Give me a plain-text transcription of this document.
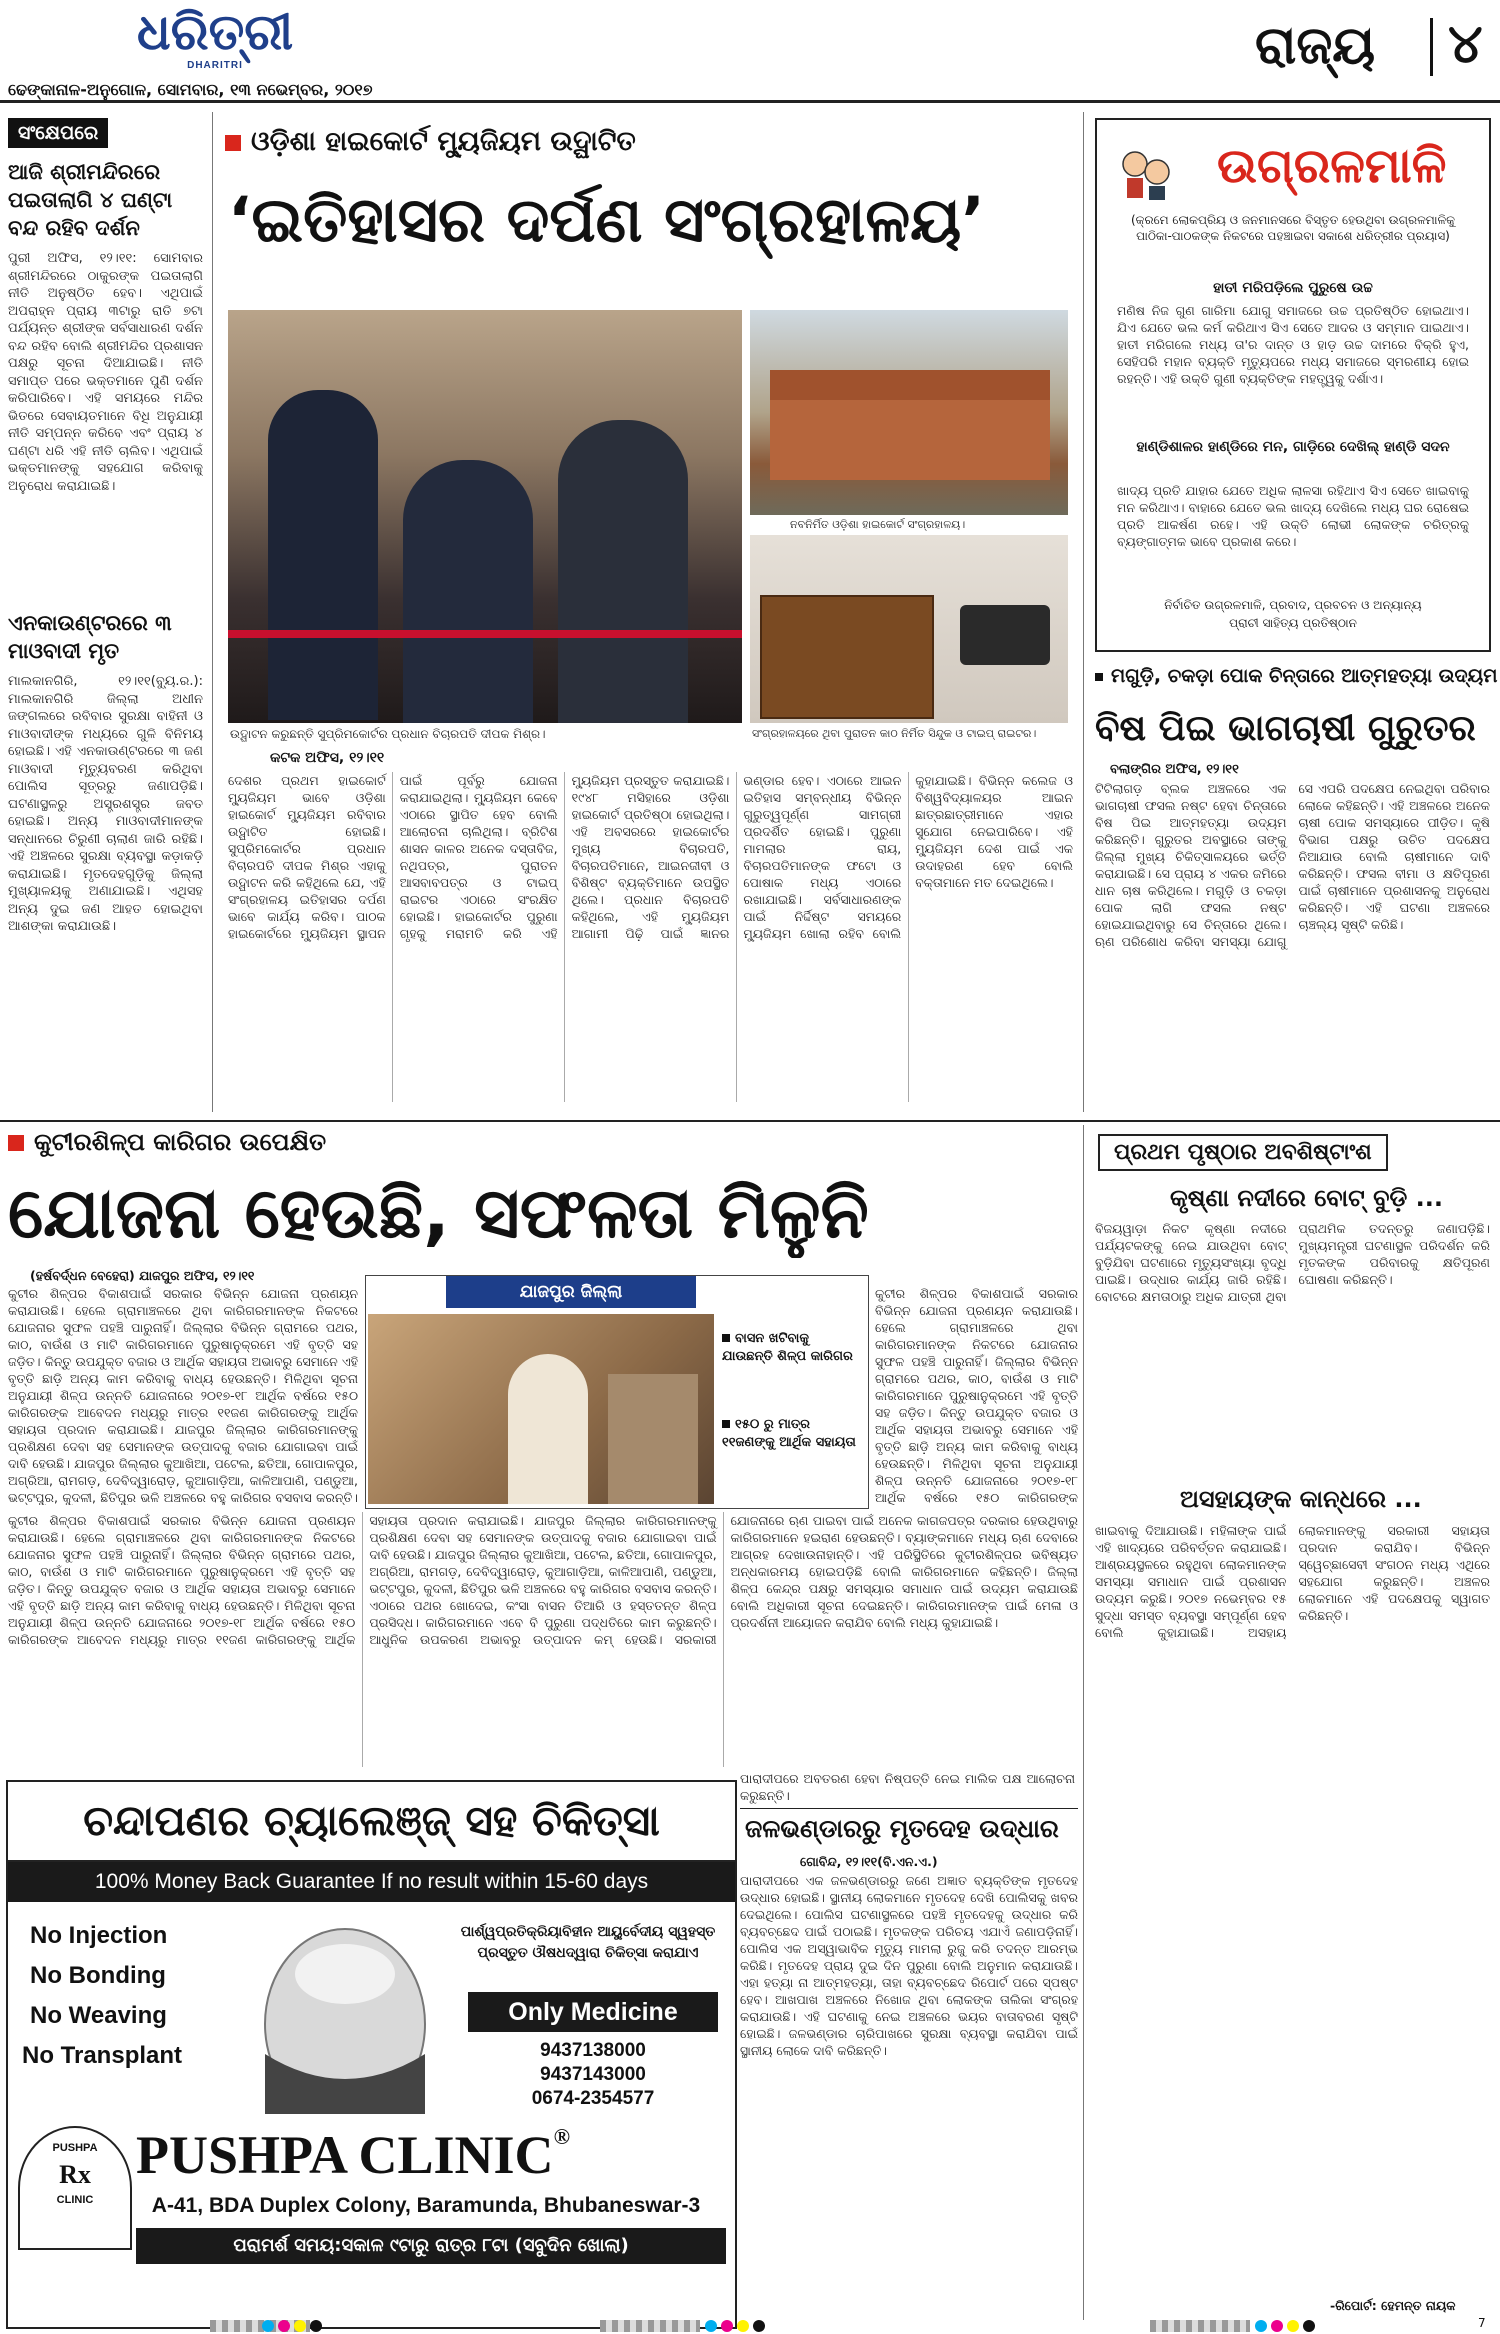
ଧରିତ୍ରୀ
DHARITRI
ଢେଙ୍କାନାଳ-ଅନୁଗୋଳ, ସୋମବାର, ୧୩ ନଭେମ୍ବର, ୨୦୧୭
ରାଜ୍ୟ ୪
ସଂକ୍ଷେପରେ
ଆଜି ଶ୍ରୀମନ୍ଦିରରେ ପଇତାଲାଗି ୪ ଘଣ୍ଟା ବନ୍ଦ ରହିବ ଦର୍ଶନ
ପୁରୀ ଅଫିସ, ୧୨।୧୧: ସୋମବାର ଶ୍ରୀମନ୍ଦିରରେ ଠାକୁରଙ୍କ ପଇତାଲାଗି ନୀତି ଅନୁଷ୍ଠିତ ହେବ। ଏଥିପାଇଁ ଅପରାହ୍ନ ପ୍ରାୟ ୩ଟାରୁ ରାତି ୭ଟା ପର୍ଯ୍ୟନ୍ତ ଶ୍ରୀଙ୍କ ସର୍ବସାଧାରଣ ଦର୍ଶନ ବନ୍ଦ ରହିବ ବୋଲି ଶ୍ରୀମନ୍ଦିର ପ୍ରଶାସନ ପକ୍ଷରୁ ସୂଚନା ଦିଆଯାଇଛି। ନୀତି ସମାପ୍ତ ପରେ ଭକ୍ତମାନେ ପୁଣି ଦର୍ଶନ କରିପାରିବେ। ଏହି ସମୟରେ ମନ୍ଦିର ଭିତରେ ସେବାୟତମାନେ ବିଧି ଅନୁଯାୟୀ ନୀତି ସମ୍ପନ୍ନ କରିବେ ଏବଂ ପ୍ରାୟ ୪ ଘଣ୍ଟା ଧରି ଏହି ନୀତି ଚାଲିବ। ଏଥିପାଇଁ ଭକ୍ତମାନଙ୍କୁ ସହଯୋଗ କରିବାକୁ ଅନୁରୋଧ କରାଯାଇଛି।
ଏନକାଉଣ୍ଟରରେ ୩ ମାଓବାଦୀ ମୃତ
ମାଲକାନଗିରି, ୧୨।୧୧(ବ୍ୟୁ.ର.): ମାଲକାନଗିରି ଜିଲ୍ଲା ଅଧୀନ ଜଙ୍ଗଲରେ ରବିବାର ସୁରକ୍ଷା ବାହିନୀ ଓ ମାଓବାଦୀଙ୍କ ମଧ୍ୟରେ ଗୁଳି ବିନିମୟ ହୋଇଛି। ଏହି ଏନକାଉଣ୍ଟରରେ ୩ ଜଣ ମାଓବାଦୀ ମୃତ୍ୟୁବରଣ କରିଥିବା ପୋଲିସ ସୂତ୍ରରୁ ଜଣାପଡ଼ିଛି। ଘଟଣାସ୍ଥଳରୁ ଅସ୍ତ୍ରଶସ୍ତ୍ର ଜବତ ହୋଇଛି। ଅନ୍ୟ ମାଓବାଦୀମାନଙ୍କ ସନ୍ଧାନରେ ଚିରୁଣୀ ଚାଲାଣ ଜାରି ରହିଛି। ଏହି ଅଞ୍ଚଳରେ ସୁରକ୍ଷା ବ୍ୟବସ୍ଥା କଡ଼ାକଡ଼ି କରାଯାଇଛି। ମୃତଦେହଗୁଡ଼ିକୁ ଜିଲ୍ଲା ମୁଖ୍ୟାଳୟକୁ ଅଣାଯାଇଛି। ଏଥିସହ ଅନ୍ୟ ଦୁଇ ଜଣ ଆହତ ହୋଇଥିବା ଆଶଙ୍କା କରାଯାଉଛି।
ଓଡ଼ିଶା ହାଇକୋର୍ଟ ମ୍ୟୁଜିୟମ ଉଦ୍ଘାଟିତ
‘ଇତିହାସର ଦର୍ପଣ ସଂଗ୍ରହାଳୟ’
ଉଦ୍ଘାଟନ କରୁଛନ୍ତି ସୁପ୍ରିମକୋର୍ଟର ପ୍ରଧାନ ବିଚାରପତି ଦୀପକ ମିଶ୍ର।
ନବନିର୍ମିତ ଓଡ଼ିଶା ହାଇକୋର୍ଟ ସଂଗ୍ରହାଳୟ।
ସଂଗ୍ରହାଳୟରେ ଥିବା ପୁରାତନ କାଠ ନିର୍ମିତ ସିନ୍ଦୁକ ଓ ଟାଇପ୍ ରାଇଟର।
କଟକ ଅଫିସ, ୧୨।୧୧
ଦେଶର ପ୍ରଥମ ହାଇକୋର୍ଟ ମ୍ୟୁଜିୟମ ଭାବେ ଓଡ଼ିଶା ହାଇକୋର୍ଟ ମ୍ୟୁଜିୟମ ରବିବାର ଉଦ୍ଘାଟିତ ହୋଇଛି। ସୁପ୍ରିମକୋର୍ଟର ପ୍ରଧାନ ବିଚାରପତି ଦୀପକ ମିଶ୍ର ଏହାକୁ ଉଦ୍ଘାଟନ କରି କହିଥିଲେ ଯେ, ଏହି ସଂଗ୍ରହାଳୟ ଇତିହାସର ଦର୍ପଣ ଭାବେ କାର୍ଯ୍ୟ କରିବ। ପାଠକ ହାଇକୋର୍ଟରେ ମ୍ୟୁଜିୟମ ସ୍ଥାପନ ପାଇଁ ପୂର୍ବରୁ ଯୋଜନା କରାଯାଇଥିଲା। ମ୍ୟୁଜିୟମ କେବେ ଏଠାରେ ସ୍ଥାପିତ ହେବ ବୋଲି ଆଲୋଚନା ଚାଲିଥିଲା। ବ୍ରିଟିଶ ଶାସନ କାଳର ଅନେକ ଦସ୍ତାବିଜ, ନଥିପତ୍ର, ପୁରାତନ ଆସବାବପତ୍ର ଓ ଟାଇପ୍ ରାଇଟର ଏଠାରେ ସଂରକ୍ଷିତ ହୋଇଛି। ହାଇକୋର୍ଟର ପୁରୁଣା ଗୃହକୁ ମରାମତି କରି ଏହି ମ୍ୟୁଜିୟମ ପ୍ରସ୍ତୁତ କରାଯାଇଛି। ୧୯୪୮ ମସିହାରେ ଓଡ଼ିଶା ହାଇକୋର୍ଟ ପ୍ରତିଷ୍ଠା ହୋଇଥିଲା। ଏହି ଅବସରରେ ହାଇକୋର୍ଟର ମୁଖ୍ୟ ବିଚାରପତି, ବିଚାରପତିମାନେ, ଆଇନଜୀବୀ ଓ ବିଶିଷ୍ଟ ବ୍ୟକ୍ତିମାନେ ଉପସ୍ଥିତ ଥିଲେ। ପ୍ରଧାନ ବିଚାରପତି କହିଥିଲେ, ଏହି ମ୍ୟୁଜିୟମ ଆଗାମୀ ପିଢ଼ି ପାଇଁ ଜ୍ଞାନର ଭଣ୍ଡାର ହେବ। ଏଠାରେ ଆଇନ ଇତିହାସ ସମ୍ବନ୍ଧୀୟ ବିଭିନ୍ନ ଗୁରୁତ୍ୱପୂର୍ଣ୍ଣ ସାମଗ୍ରୀ ପ୍ରଦର୍ଶିତ ହୋଇଛି। ପୁରୁଣା ମାମଲାର ରାୟ, ବିଚାରପତିମାନଙ୍କ ଫଟୋ ଓ ପୋଷାକ ମଧ୍ୟ ଏଠାରେ ରଖାଯାଇଛି। ସର୍ବସାଧାରଣଙ୍କ ପାଇଁ ନିର୍ଦ୍ଦିଷ୍ଟ ସମୟରେ ମ୍ୟୁଜିୟମ ଖୋଲା ରହିବ ବୋଲି କୁହାଯାଇଛି। ବିଭିନ୍ନ କଲେଜ ଓ ବିଶ୍ୱବିଦ୍ୟାଳୟର ଆଇନ ଛାତ୍ରଛାତ୍ରୀମାନେ ଏହାର ସୁଯୋଗ ନେଇପାରିବେ। ଏହି ମ୍ୟୁଜିୟମ ଦେଶ ପାଇଁ ଏକ ଉଦାହରଣ ହେବ ବୋଲି ବକ୍ତାମାନେ ମତ ଦେଇଥିଲେ।
ଉଗ୍ରଳମାଳି
(କ୍ରମେ ଲୋକପ୍ରିୟ ଓ ଜନମାନସରେ ବିସ୍ତୃତ ହେଉଥିବା ଉଗ୍ରଳମାଳିକୁ ପାଠିକା-ପାଠକଙ୍କ ନିକଟରେ ପହଞ୍ଚାଇବା ସକାଶେ ଧରିତ୍ରୀର ପ୍ରୟାସ)
ହାତୀ ମରିପଡ଼ିଲେ ପୁରୁଷେ ଉଚ୍ଚ
ମଣିଷ ନିଜ ଗୁଣ ଗାରିମା ଯୋଗୁ ସମାଜରେ ଉଚ୍ଚ ପ୍ରତିଷ୍ଠିତ ହୋଇଥାଏ। ଯିଏ ଯେତେ ଭଲ କର୍ମ କରିଥାଏ ସିଏ ସେତେ ଆଦର ଓ ସମ୍ମାନ ପାଇଥାଏ। ହାତୀ ମରିଗଲେ ମଧ୍ୟ ତା'ର ଦାନ୍ତ ଓ ହାଡ଼ ଉଚ୍ଚ ଦାମରେ ବିକ୍ରି ହୁଏ, ସେହିପରି ମହାନ ବ୍ୟକ୍ତି ମୃତ୍ୟୁପରେ ମଧ୍ୟ ସମାଜରେ ସ୍ମରଣୀୟ ହୋଇ ରହନ୍ତି। ଏହି ଉକ୍ତି ଗୁଣୀ ବ୍ୟକ୍ତିଙ୍କ ମହତ୍ତ୍ୱକୁ ଦର୍ଶାଏ।
ହାଣ୍ଡିଶାଳର ହାଣ୍ଡିରେ ମନ, ଗାଡ଼ିରେ ଦେଖିଲ୍ ହାଣ୍ଡି ସଦନ
ଖାଦ୍ୟ ପ୍ରତି ଯାହାର ଯେତେ ଅଧିକ ଲାଳସା ରହିଥାଏ ସିଏ ସେତେ ଖାଇବାକୁ ମନ କରିଥାଏ। ବାହାରେ ଯେତେ ଭଲ ଖାଦ୍ୟ ଦେଖିଲେ ମଧ୍ୟ ଘର ରୋଷେଇ ପ୍ରତି ଆକର୍ଷଣ ରହେ। ଏହି ଉକ୍ତି ଲୋଭୀ ଲୋକଙ୍କ ଚରିତ୍ରକୁ ବ୍ୟଙ୍ଗାତ୍ମକ ଭାବେ ପ୍ରକାଶ କରେ।
ନିର୍ବାଚିତ ଉଗ୍ରଳମାଳି, ପ୍ରବାଦ, ପ୍ରବଚନ ଓ ଅନ୍ୟାନ୍ୟ
ପ୍ରାଚୀ ସାହିତ୍ୟ ପ୍ରତିଷ୍ଠାନ
ମଗୁଡ଼ି, ଚକଡ଼ା ପୋକ ଚିନ୍ତାରେ ଆତ୍ମହତ୍ୟା ଉଦ୍ୟମ
ବିଷ ପିଇ ଭାଗଚାଷୀ ଗୁରୁତର
ବଲାଙ୍ଗିର ଅଫିସ, ୧୨।୧୧
ଟିଟିଲାଗଡ଼ ବ୍ଲକ ଅଞ୍ଚଳରେ ଏକ ଭାଗଚାଷୀ ଫସଲ ନଷ୍ଟ ହେବା ଚିନ୍ତାରେ ବିଷ ପିଇ ଆତ୍ମହତ୍ୟା ଉଦ୍ୟମ କରିଛନ୍ତି। ଗୁରୁତର ଅବସ୍ଥାରେ ତାଙ୍କୁ ଜିଲ୍ଲା ମୁଖ୍ୟ ଚିକିତ୍ସାଳୟରେ ଭର୍ତ୍ତି କରାଯାଇଛି। ସେ ପ୍ରାୟ ୪ ଏକର ଜମିରେ ଧାନ ଚାଷ କରିଥିଲେ। ମଗୁଡ଼ି ଓ ଚକଡ଼ା ପୋକ ଲାଗି ଫସଲ ନଷ୍ଟ ହୋଇଯାଇଥିବାରୁ ସେ ଚିନ୍ତାରେ ଥିଲେ। ଋଣ ପରିଶୋଧ କରିବା ସମସ୍ୟା ଯୋଗୁ ସେ ଏପରି ପଦକ୍ଷେପ ନେଇଥିବା ପରିବାର ଲୋକେ କହିଛନ୍ତି। ଏହି ଅଞ୍ଚଳରେ ଅନେକ ଚାଷୀ ପୋକ ସମସ୍ୟାରେ ପୀଡ଼ିତ। କୃଷି ବିଭାଗ ପକ୍ଷରୁ ଉଚିତ ପଦକ୍ଷେପ ନିଆଯାଉ ବୋଲି ଚାଷୀମାନେ ଦାବି କରିଛନ୍ତି। ଫସଲ ବୀମା ଓ କ୍ଷତିପୂରଣ ପାଇଁ ଚାଷୀମାନେ ପ୍ରଶାସନକୁ ଅନୁରୋଧ କରିଛନ୍ତି। ଏହି ଘଟଣା ଅଞ୍ଚଳରେ ଚାଞ୍ଚଲ୍ୟ ସୃଷ୍ଟି କରିଛି।
କୁଟୀରଶିଳ୍ପ କାରିଗର ଉପେକ୍ଷିତ
ଯୋଜନା ହେଉଛି, ସଫଳତା ମିଳୁନି
(ହର୍ଷବର୍ଦ୍ଧନ ବେହେରା) ଯାଜପୁର ଅଫିସ, ୧୨।୧୧
କୁଟୀର ଶିଳ୍ପର ବିକାଶପାଇଁ ସରକାର ବିଭିନ୍ନ ଯୋଜନା ପ୍ରଣୟନ କରାଯାଉଛି। ହେଲେ ଗ୍ରାମାଞ୍ଚଳରେ ଥିବା କାରିଗରମାନଙ୍କ ନିକଟରେ ଯୋଜନାର ସୁଫଳ ପହଞ୍ଚି ପାରୁନାହିଁ। ଜିଲ୍ଲାର ବିଭିନ୍ନ ଗ୍ରାମରେ ପଥର, କାଠ, ବାଉଁଶ ଓ ମାଟି କାରିଗରମାନେ ପୁରୁଷାନୁକ୍ରମେ ଏହି ବୃତ୍ତି ସହ ଜଡ଼ିତ। କିନ୍ତୁ ଉପଯୁକ୍ତ ବଜାର ଓ ଆର୍ଥିକ ସହାୟତା ଅଭାବରୁ ସେମାନେ ଏହି ବୃତ୍ତି ଛାଡ଼ି ଅନ୍ୟ କାମ କରିବାକୁ ବାଧ୍ୟ ହେଉଛନ୍ତି। ମିଳିଥିବା ସୂଚନା ଅନୁଯାୟୀ ଶିଳ୍ପ ଉନ୍ନତି ଯୋଜନାରେ ୨୦୧୭-୧୮ ଆର୍ଥିକ ବର୍ଷରେ ୧୫୦ କାରିଗରଙ୍କ ଆବେଦନ ମଧ୍ୟରୁ ମାତ୍ର ୧୧ଜଣ କାରିଗରଙ୍କୁ ଆର୍ଥିକ ସହାୟତା ପ୍ରଦାନ କରାଯାଇଛି। ଯାଜପୁର ଜିଲ୍ଲାର କାରିଗରମାନଙ୍କୁ ପ୍ରଶିକ୍ଷଣ ଦେବା ସହ ସେମାନଙ୍କ ଉତ୍ପାଦକୁ ବଜାର ଯୋଗାଇବା ପାଇଁ ଦାବି ହେଉଛି। ଯାଜପୁର ଜିଲ୍ଲାର କୁଆଖିଆ, ପଟେଲ, ଛତିଆ, ଗୋପାଳପୁର, ଅଗ୍ରିଆ, ରାମଗଡ଼, ଦେବିଦ୍ୱାରୋଡ଼, କୁଆଗାଡ଼ିଆ, କାଳିଆପାଣି, ପଣ୍ଡୁଆ, ଭଟ୍ଟପୁର, କୁଦଳୀ, ଛିତିପୁର ଭଳି ଅଞ୍ଚଳରେ ବହୁ କାରିଗର ବସବାସ କରନ୍ତି।
ଯାଜପୁର ଜିଲ୍ଲା
ବାସନ ଖଟିବାକୁ ଯାଉଛନ୍ତି ଶିଳ୍ପ କାରିଗର
୧୫୦ ରୁ ମାତ୍ର ୧୧ଜଣଙ୍କୁ ଆର୍ଥିକ ସହାୟତା
କୁଟୀର ଶିଳ୍ପର ବିକାଶପାଇଁ ସରକାର ବିଭିନ୍ନ ଯୋଜନା ପ୍ରଣୟନ କରାଯାଉଛି। ହେଲେ ଗ୍ରାମାଞ୍ଚଳରେ ଥିବା କାରିଗରମାନଙ୍କ ନିକଟରେ ଯୋଜନାର ସୁଫଳ ପହଞ୍ଚି ପାରୁନାହିଁ। ଜିଲ୍ଲାର ବିଭିନ୍ନ ଗ୍ରାମରେ ପଥର, କାଠ, ବାଉଁଶ ଓ ମାଟି କାରିଗରମାନେ ପୁରୁଷାନୁକ୍ରମେ ଏହି ବୃତ୍ତି ସହ ଜଡ଼ିତ। କିନ୍ତୁ ଉପଯୁକ୍ତ ବଜାର ଓ ଆର୍ଥିକ ସହାୟତା ଅଭାବରୁ ସେମାନେ ଏହି ବୃତ୍ତି ଛାଡ଼ି ଅନ୍ୟ କାମ କରିବାକୁ ବାଧ୍ୟ ହେଉଛନ୍ତି। ମିଳିଥିବା ସୂଚନା ଅନୁଯାୟୀ ଶିଳ୍ପ ଉନ୍ନତି ଯୋଜନାରେ ୨୦୧୭-୧୮ ଆର୍ଥିକ ବର୍ଷରେ ୧୫୦ କାରିଗରଙ୍କ
କୁଟୀର ଶିଳ୍ପର ବିକାଶପାଇଁ ସରକାର ବିଭିନ୍ନ ଯୋଜନା ପ୍ରଣୟନ କରାଯାଉଛି। ହେଲେ ଗ୍ରାମାଞ୍ଚଳରେ ଥିବା କାରିଗରମାନଙ୍କ ନିକଟରେ ଯୋଜନାର ସୁଫଳ ପହଞ୍ଚି ପାରୁନାହିଁ। ଜିଲ୍ଲାର ବିଭିନ୍ନ ଗ୍ରାମରେ ପଥର, କାଠ, ବାଉଁଶ ଓ ମାଟି କାରିଗରମାନେ ପୁରୁଷାନୁକ୍ରମେ ଏହି ବୃତ୍ତି ସହ ଜଡ଼ିତ। କିନ୍ତୁ ଉପଯୁକ୍ତ ବଜାର ଓ ଆର୍ଥିକ ସହାୟତା ଅଭାବରୁ ସେମାନେ ଏହି ବୃତ୍ତି ଛାଡ଼ି ଅନ୍ୟ କାମ କରିବାକୁ ବାଧ୍ୟ ହେଉଛନ୍ତି। ମିଳିଥିବା ସୂଚନା ଅନୁଯାୟୀ ଶିଳ୍ପ ଉନ୍ନତି ଯୋଜନାରେ ୨୦୧୭-୧୮ ଆର୍ଥିକ ବର୍ଷରେ ୧୫୦ କାରିଗରଙ୍କ ଆବେଦନ ମଧ୍ୟରୁ ମାତ୍ର ୧୧ଜଣ କାରିଗରଙ୍କୁ ଆର୍ଥିକ ସହାୟତା ପ୍ରଦାନ କରାଯାଇଛି। ଯାଜପୁର ଜିଲ୍ଲାର କାରିଗରମାନଙ୍କୁ ପ୍ରଶିକ୍ଷଣ ଦେବା ସହ ସେମାନଙ୍କ ଉତ୍ପାଦକୁ ବଜାର ଯୋଗାଇବା ପାଇଁ ଦାବି ହେଉଛି। ଯାଜପୁର ଜିଲ୍ଲାର କୁଆଖିଆ, ପଟେଲ, ଛତିଆ, ଗୋପାଳପୁର, ଅଗ୍ରିଆ, ରାମଗଡ଼, ଦେବିଦ୍ୱାରୋଡ଼, କୁଆଗାଡ଼ିଆ, କାଳିଆପାଣି, ପଣ୍ଡୁଆ, ଭଟ୍ଟପୁର, କୁଦଳୀ, ଛିତିପୁର ଭଳି ଅଞ୍ଚଳରେ ବହୁ କାରିଗର ବସବାସ କରନ୍ତି। ଏଠାରେ ପଥର ଖୋଦେଇ, କଂସା ବାସନ ତିଆରି ଓ ହସ୍ତତନ୍ତ ଶିଳ୍ପ ପ୍ରସିଦ୍ଧ। କାରିଗରମାନେ ଏବେ ବି ପୁରୁଣା ପଦ୍ଧତିରେ କାମ କରୁଛନ୍ତି। ଆଧୁନିକ ଉପକରଣ ଅଭାବରୁ ଉତ୍ପାଦନ କମ୍ ହେଉଛି। ସରକାରୀ ଯୋଜନାରେ ଋଣ ପାଇବା ପାଇଁ ଅନେକ କାଗଜପତ୍ର ଦରକାର ହେଉଥିବାରୁ କାରିଗରମାନେ ହଇରାଣ ହେଉଛନ୍ତି। ବ୍ୟାଙ୍କମାନେ ମଧ୍ୟ ଋଣ ଦେବାରେ ଆଗ୍ରହ ଦେଖାଉନାହାନ୍ତି। ଏହି ପରିସ୍ଥିତିରେ କୁଟୀରଶିଳ୍ପର ଭବିଷ୍ୟତ ଅନ୍ଧକାରମୟ ହୋଇପଡ଼ିଛି ବୋଲି କାରିଗରମାନେ କହିଛନ୍ତି। ଜିଲ୍ଲା ଶିଳ୍ପ କେନ୍ଦ୍ର ପକ୍ଷରୁ ସମସ୍ୟାର ସମାଧାନ ପାଇଁ ଉଦ୍ୟମ କରାଯାଉଛି ବୋଲି ଅଧିକାରୀ ସୂଚନା ଦେଇଛନ୍ତି। କାରିଗରମାନଙ୍କ ପାଇଁ ମେଳା ଓ ପ୍ରଦର୍ଶନୀ ଆୟୋଜନ କରାଯିବ ବୋଲି ମଧ୍ୟ କୁହାଯାଇଛି।
ପ୍ରଥମ ପୃଷ୍ଠାର ଅବଶିଷ୍ଟାଂଶ
କୃଷ୍ଣା ନଦୀରେ ବୋଟ୍ ବୁଡ଼ି ...
ବିଜୟୱାଡ଼ା ନିକଟ କୃଷ୍ଣା ନଦୀରେ ପର୍ଯ୍ୟଟକଙ୍କୁ ନେଇ ଯାଉଥିବା ବୋଟ୍ ବୁଡ଼ିଯିବା ଘଟଣାରେ ମୃତ୍ୟୁସଂଖ୍ୟା ବୃଦ୍ଧି ପାଇଛି। ଉଦ୍ଧାର କାର୍ଯ୍ୟ ଜାରି ରହିଛି। ବୋଟରେ କ୍ଷମତାଠାରୁ ଅଧିକ ଯାତ୍ରୀ ଥିବା ପ୍ରାଥମିକ ତଦନ୍ତରୁ ଜଣାପଡ଼ିଛି। ମୁଖ୍ୟମନ୍ତ୍ରୀ ଘଟଣାସ୍ଥଳ ପରିଦର୍ଶନ କରି ମୃତକଙ୍କ ପରିବାରକୁ କ୍ଷତିପୂରଣ ଘୋଷଣା କରିଛନ୍ତି।
ଅସହାୟଙ୍କ କାନ୍ଧରେ ...
ଖାଇବାକୁ ଦିଆଯାଉଛି। ମହିଳାଙ୍କ ପାଇଁ ଏହି ଖାଦ୍ୟରେ ପରିବର୍ତ୍ତନ କରାଯାଇଛି। ଆଶ୍ରୟସ୍ଥଳରେ ରହୁଥିବା ଲୋକମାନଙ୍କ ସମସ୍ୟା ସମାଧାନ ପାଇଁ ପ୍ରଶାସନ ଉଦ୍ୟମ କରୁଛି। ୨୦୧୭ ନଭେମ୍ବର ୧୫ ସୁଦ୍ଧା ସମସ୍ତ ବ୍ୟବସ୍ଥା ସମ୍ପୂର୍ଣ୍ଣ ହେବ ବୋଲି କୁହାଯାଇଛି। ଅସହାୟ ଲୋକମାନଙ୍କୁ ସରକାରୀ ସହାୟତା ପ୍ରଦାନ କରାଯିବ। ବିଭିନ୍ନ ସ୍ୱେଚ୍ଛାସେବୀ ସଂଗଠନ ମଧ୍ୟ ଏଥିରେ ସହଯୋଗ କରୁଛନ୍ତି। ଅଞ୍ଚଳର ଲୋକମାନେ ଏହି ପଦକ୍ଷେପକୁ ସ୍ୱାଗତ କରିଛନ୍ତି।
-ରିପୋର୍ଟ: ହେମନ୍ତ ନାୟକ
ପାରାଦୀପରେ ଅବତରଣ ହେବା ନିଷ୍ପତ୍ତି ନେଇ ମାଲିକ ପକ୍ଷ ଆଲୋଚନା କରୁଛନ୍ତି।
ଜଳଭଣ୍ଡାରରୁ ମୃତଦେହ ଉଦ୍ଧାର
ଗୋବିନ୍ଦ, ୧୨।୧୧(ବି.ଏନ.ଏ.)
ପାରାଦୀପରେ ଏକ ଜଳଭଣ୍ଡାରରୁ ଜଣେ ଅଜ୍ଞାତ ବ୍ୟକ୍ତିଙ୍କ ମୃତଦେହ ଉଦ୍ଧାର ହୋଇଛି। ସ୍ଥାନୀୟ ଲୋକମାନେ ମୃତଦେହ ଦେଖି ପୋଲିସକୁ ଖବର ଦେଇଥିଲେ। ପୋଲିସ ଘଟଣାସ୍ଥଳରେ ପହଞ୍ଚି ମୃତଦେହକୁ ଉଦ୍ଧାର କରି ବ୍ୟବଚ୍ଛେଦ ପାଇଁ ପଠାଇଛି। ମୃତକଙ୍କ ପରିଚୟ ଏଯାଏଁ ଜଣାପଡ଼ିନାହିଁ। ପୋଲିସ ଏକ ଅସ୍ୱାଭାବିକ ମୃତ୍ୟୁ ମାମଲା ରୁଜୁ କରି ତଦନ୍ତ ଆରମ୍ଭ କରିଛି। ମୃତଦେହ ପ୍ରାୟ ଦୁଇ ଦିନ ପୁରୁଣା ବୋଲି ଅନୁମାନ କରାଯାଉଛି। ଏହା ହତ୍ୟା ନା ଆତ୍ମହତ୍ୟା, ତାହା ବ୍ୟବଚ୍ଛେଦ ରିପୋର୍ଟ ପରେ ସ୍ପଷ୍ଟ ହେବ। ଆଖପାଖ ଅଞ୍ଚଳରେ ନିଖୋଜ ଥିବା ଲୋକଙ୍କ ତାଲିକା ସଂଗ୍ରହ କରାଯାଉଛି। ଏହି ଘଟଣାକୁ ନେଇ ଅଞ୍ଚଳରେ ଭୟର ବାତାବରଣ ସୃଷ୍ଟି ହୋଇଛି। ଜଳଭଣ୍ଡାର ଚାରିପାଖରେ ସୁରକ୍ଷା ବ୍ୟବସ୍ଥା କରାଯିବା ପାଇଁ ସ୍ଥାନୀୟ ଲୋକେ ଦାବି କରିଛନ୍ତି।
ଚନ୍ଦାପଣର ଚ୍ୟାଲେଞ୍ଜ୍ ସହ ଚିକିତ୍ସା
100% Money Back Guarantee If no result within 15-60 days
No Injection
No Bonding
No Weaving
No Transplant
ପାର୍ଶ୍ୱପ୍ରତିକ୍ରିୟାବିହୀନ ଆୟୁର୍ବେଦୀୟ ସ୍ୱହସ୍ତ ପ୍ରସ୍ତୁତ ଔଷଧଦ୍ୱାରା ଚିକିତ୍ସା କରାଯାଏ
Only Medicine
9437138000
9437143000
0674-2354577
PUSHPA
Rx
CLINIC
PUSHPA CLINIC®
A-41, BDA Duplex Colony, Baramunda, Bhubaneswar-3
ପରାମର୍ଶ ସମୟ:ସକାଳ ୯ଟାରୁ ରାତ୍ର ୮ଟା (ସବୁଦିନ ଖୋଲା)
7
